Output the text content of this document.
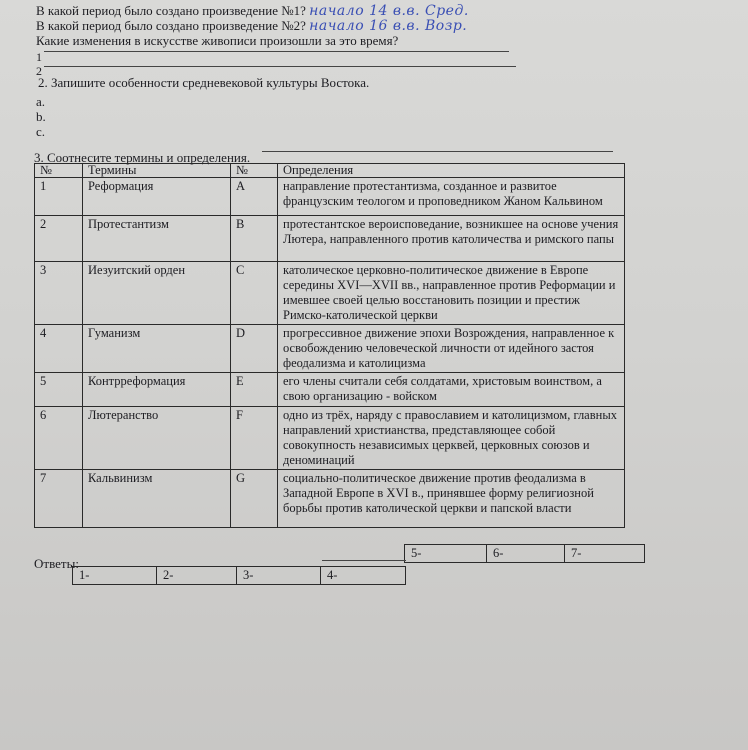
В какой период было создано произведение №1? начало 14 в.в. Сред.
В какой период было создано произведение №2? начало 16 в.в. Возр.
Какие изменения в искусстве живописи произошли за это время?
1
2
2. Запишите особенности средневековой культуры Востока.
a.
b.
c.
3. Соотнесите термины и определения.
№	Термины	№	Определения
1	Реформация	A	направление протестантизма, созданное и развитое французским теологом и проповедником Жаном Кальвином
2	Протестантизм	B	протестантское вероисповедание, возникшее на основе учения Лютера, направленного против католичества и римского папы
3	Иезуитский орден	C	католическое церковно-политическое движение в Европе середины XVI—XVII вв., направленное против Реформации и имевшее своей целью восстановить позиции и престиж Римско-католической церкви
4	Гуманизм	D	прогрессивное движение эпохи Возрождения, направленное к освобождению человеческой личности от идейного застоя феодализма и католицизма
5	Контрреформация	E	его члены считали себя солдатами, христовым воинством, а свою организацию - войском
6	Лютеранство	F	одно из трёх, наряду с православием и католицизмом, главных направлений христианства, представляющее собой совокупность независимых церквей, церковных союзов и деноминаций
7	Кальвинизм	G	социально-политическое движение против феодализма в Западной Европе в XVI в., принявшее форму религиозной борьбы против католической церкви и папской власти
Ответы:
5-	6-	7-
1-	2-	3-	4-
